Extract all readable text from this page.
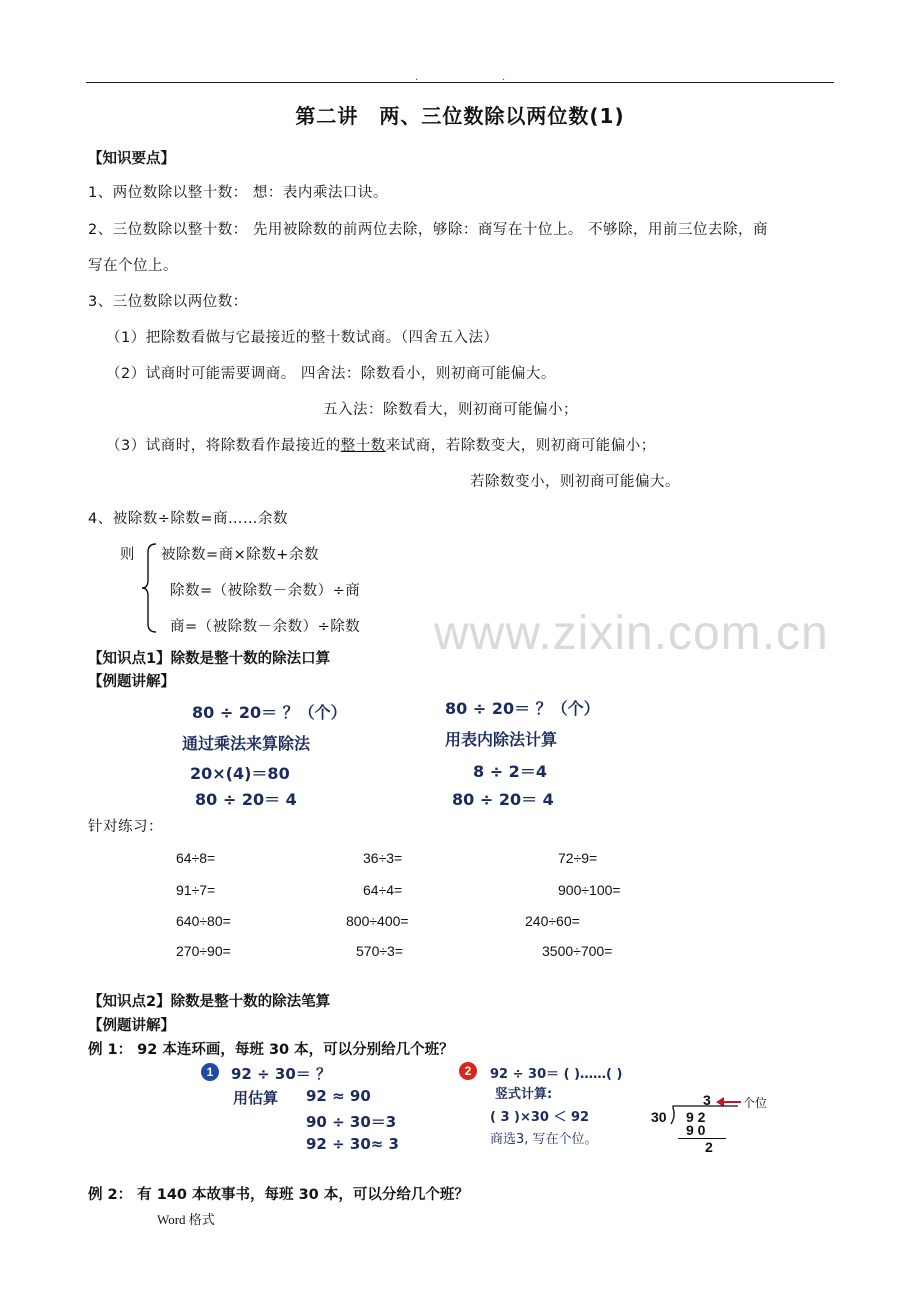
.	.
第二讲　两、三位数除以两位数(1)
【知识要点】
1、两位数除以整十数： 想：表内乘法口诀。
2、三位数除以整十数： 先用被除数的前两位去除，够除：商写在十位上。 不够除，用前三位去除，商
写在个位上。
3、三位数除以两位数：
（1）把除数看做与它最接近的整十数试商。（四舍五入法）
（2）试商时可能需要调商。 四舍法：除数看小，则初商可能偏大。
五入法：除数看大，则初商可能偏小；
（3）试商时，将除数看作最接近的整十数来试商，若除数变大，则初商可能偏小；
若除数变小，则初商可能偏大。
4、被除数÷除数=商……余数
则 被除数=商×除数+余数
除数=（被除数－余数）÷商
商=（被除数－余数）÷除数 www.zixin.com.cn
【知识点1】除数是整十数的除法口算
【例题讲解】
80 ÷ 20＝ ？（个）
通过乘法来算除法
20×(4)＝80
80 ÷ 20＝ 4
80 ÷ 20＝ ？（个）
用表内除法计算
8 ÷ 2＝4
80 ÷ 20＝ 4
针对练习：
64÷8=	36÷3=	72÷9=
91÷7=	64÷4=	900÷100=
640÷80=	800÷400=	240÷60=
270÷90=	570÷3=	3500÷700=
【知识点2】除数是整十数的除法笔算
【例题讲解】
例 1： 92 本连环画，每班 30 本，可以分别给几个班？
1	92 ÷ 30＝ ？
用估算 92 ≈ 90
90 ÷ 30＝3
92 ÷ 30≈ 3
2	92 ÷ 30＝ ( )……( )
竖式计算:
( 3 )×30 ＜ 92
商选3, 写在个位。
3	个位
30 9 2
9 0
2
例 2： 有 140 本故事书，每班 30 本，可以分给几个班？
Word 格式
